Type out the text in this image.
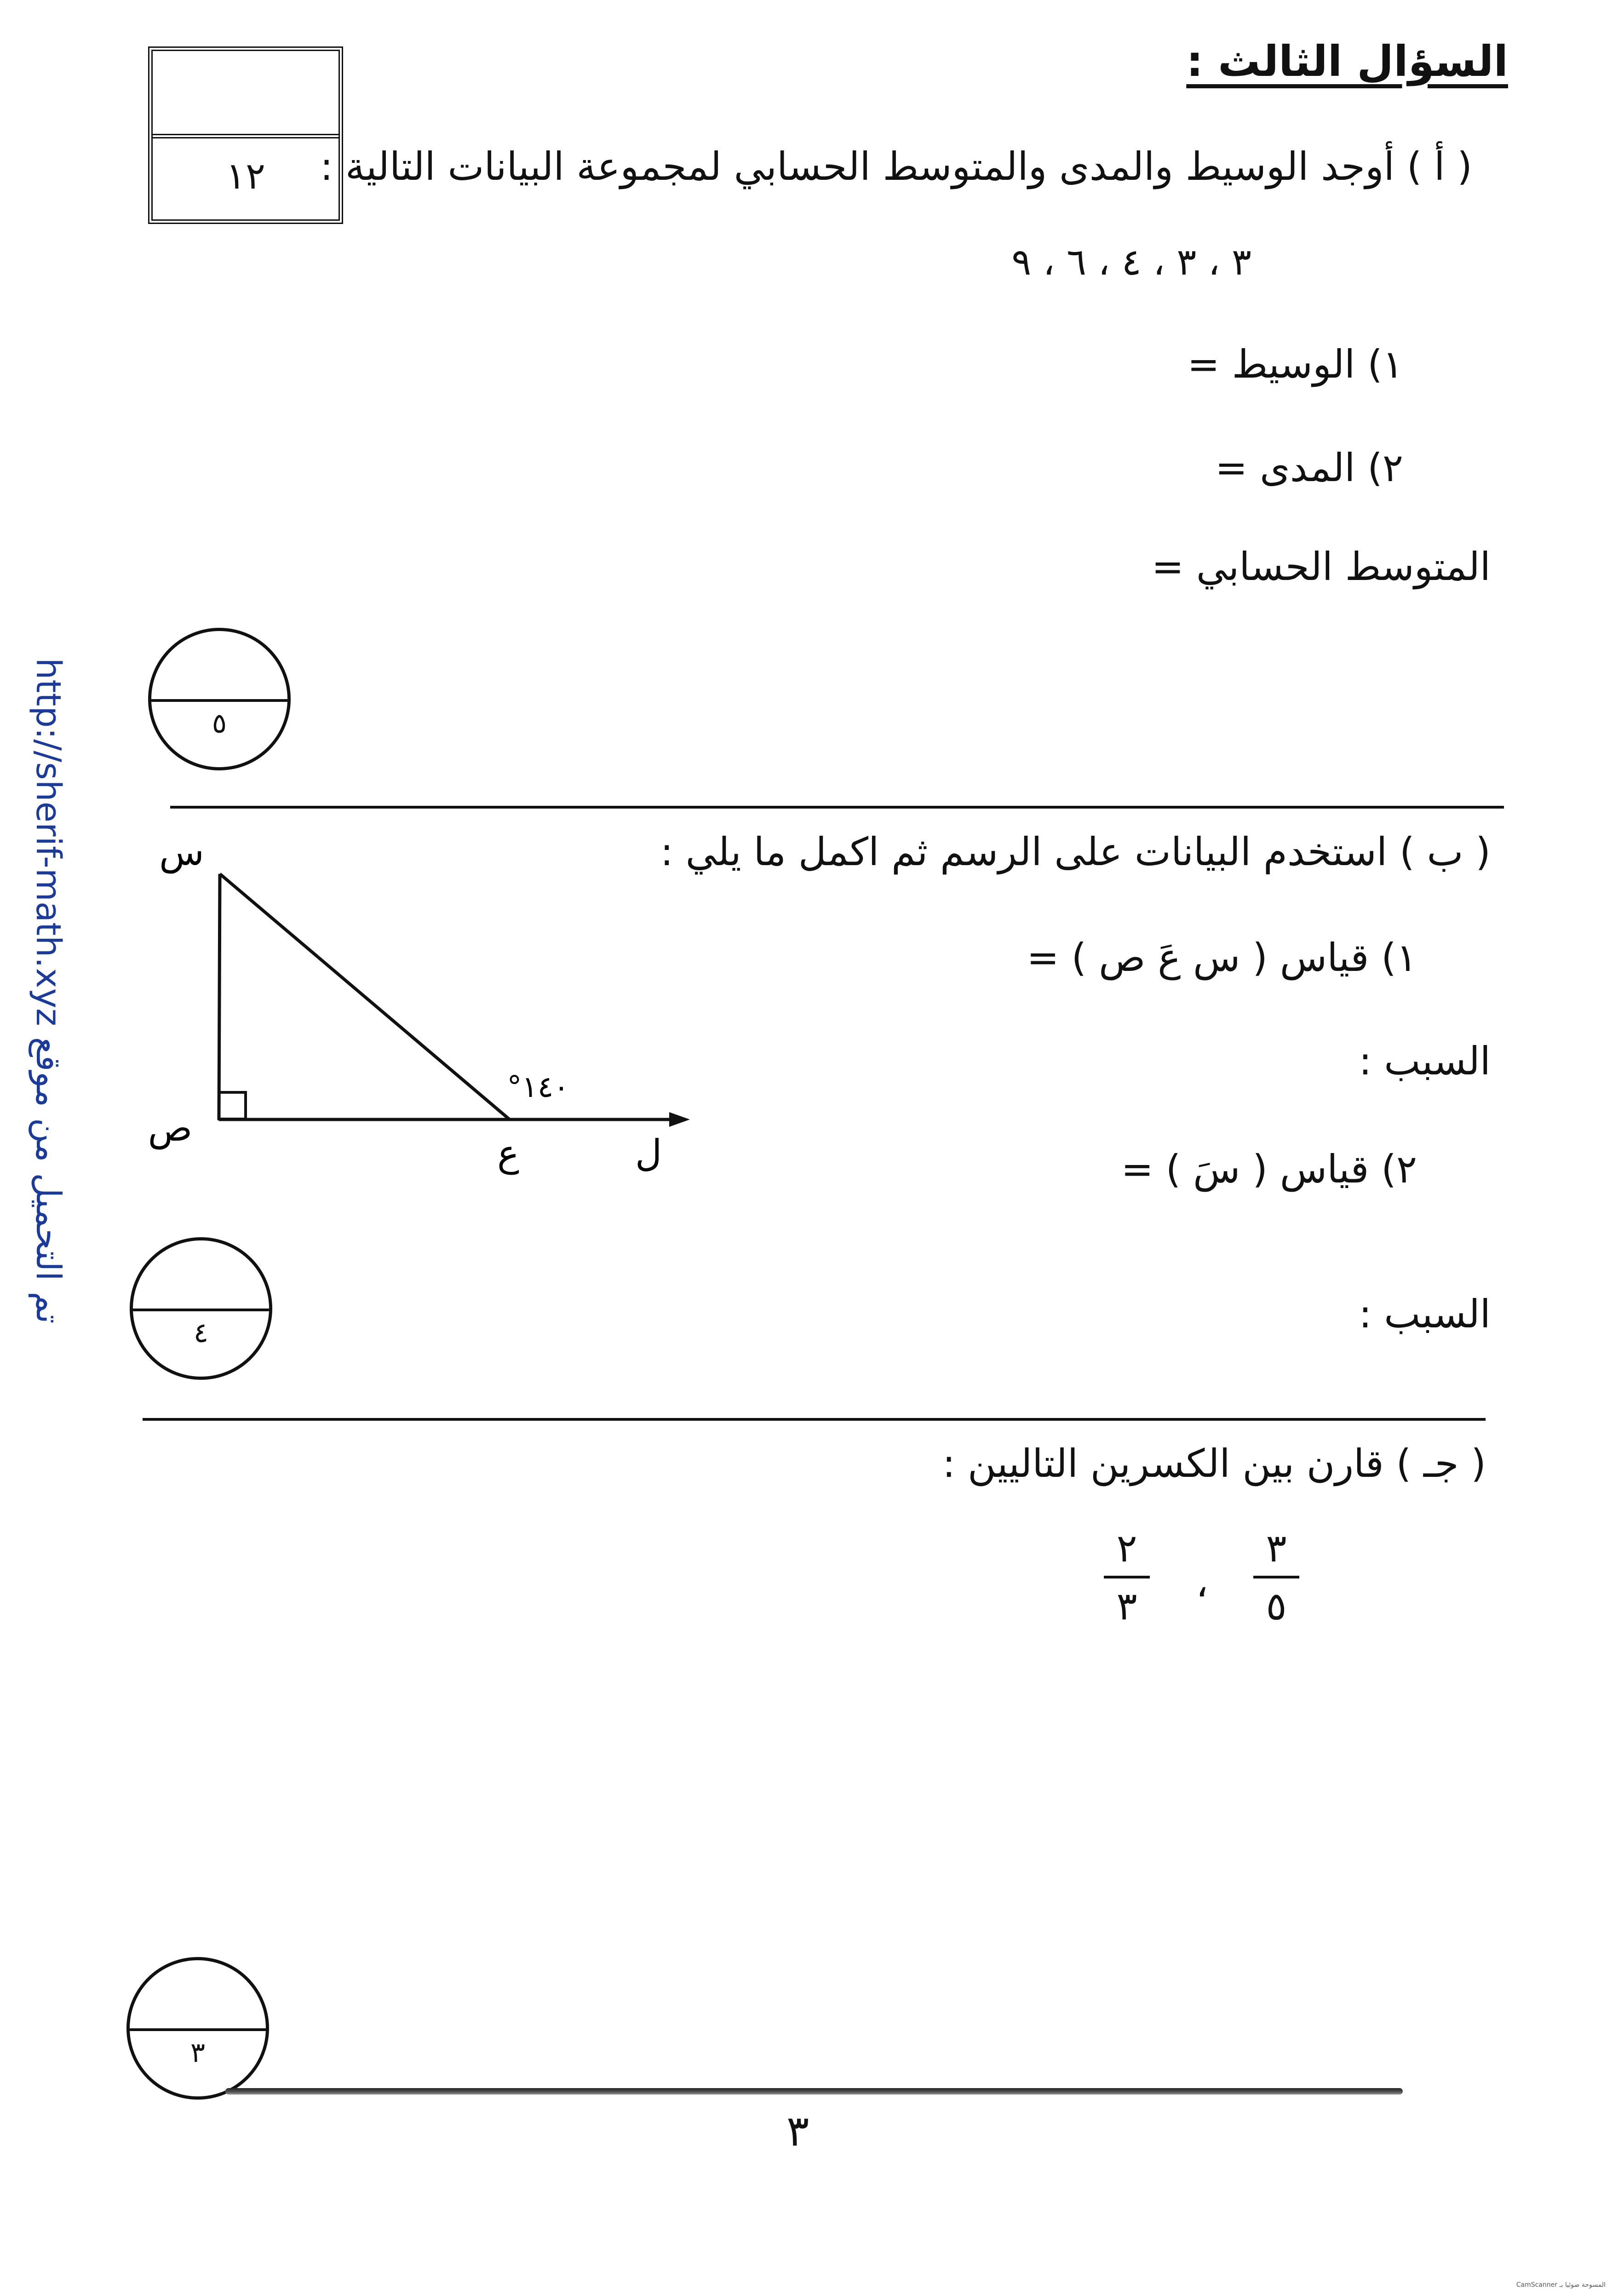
السؤال الثالث :
١٢
تم التحميل من موقع http://sherif-math.xyz
( أ ) أوجد الوسيط والمدى والمتوسط الحسابي لمجموعة البيانات التالية :
٣ ، ٣ ، ٤ ، ٦ ، ٩
١) الوسيط =
٢) المدى =
المتوسط الحسابي =
٥
( ب ) استخدم البيانات على الرسم ثم اكمل ما يلي :
١) قياس ( س عَ ص ) =
السبب :
٢) قياس ( سَ ) =
السبب :
س
ص
ع	ل
١٤٠°
٤
( جـ ) قارن بين الكسرين التاليين :
٣
٥
،
٢
٣
٣
٣
CamScanner المسوحة ضوئيا بـ
